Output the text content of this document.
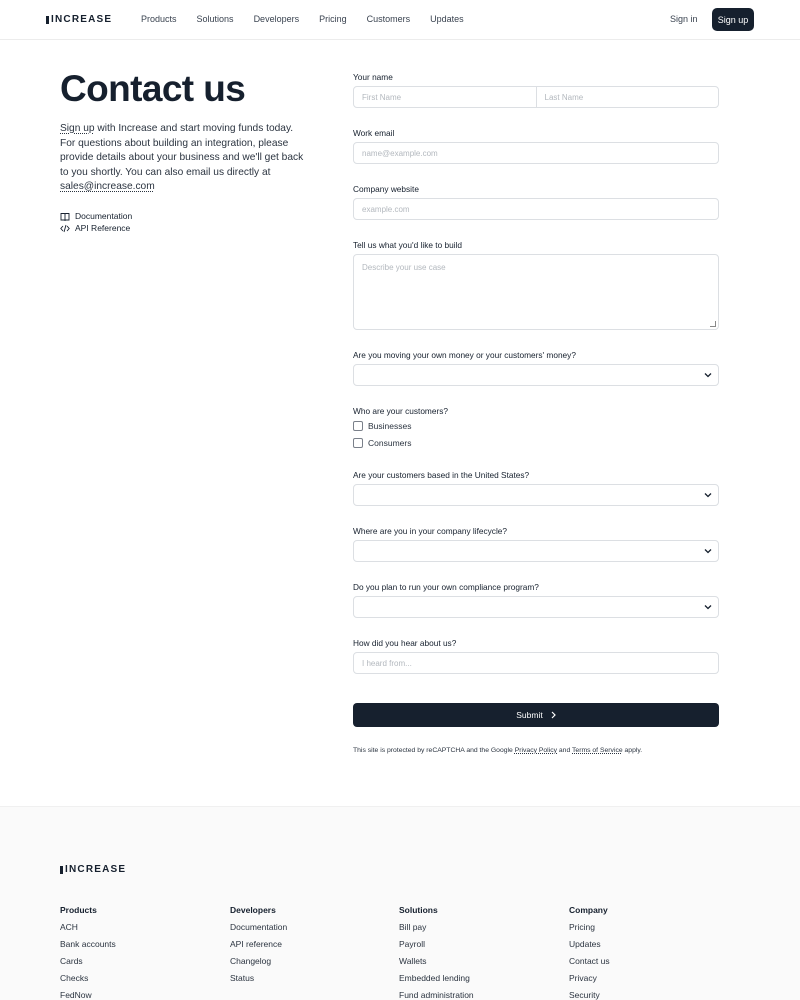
INCREASE	Products Solutions Developers Pricing Customers Updates	Sign in	Sign up
Contact us
Sign up with Increase and start moving funds today. For questions about building an integration, please provide details about your business and we'll get back to you shortly. You can also email us directly at sales@increase.com
Documentation
API Reference
Your name
First Name	Last Name
Work email
name@example.com
Company website
example.com
Tell us what you'd like to build
Describe your use case
Are you moving your own money or your customers' money?
Who are your customers?
Businesses
Consumers
Are your customers based in the United States?
Where are you in your company lifecycle?
Do you plan to run your own compliance program?
How did you hear about us?
I heard from...
Submit
This site is protected by reCAPTCHA and the Google Privacy Policy and Terms of Service apply.
INCREASE
Products
ACH
Bank accounts
Cards
Checks
FedNow
Developers
Documentation
API reference
Changelog
Status
Solutions
Bill pay
Payroll
Wallets
Embedded lending
Fund administration
Company
Pricing
Updates
Contact us
Privacy
Security
